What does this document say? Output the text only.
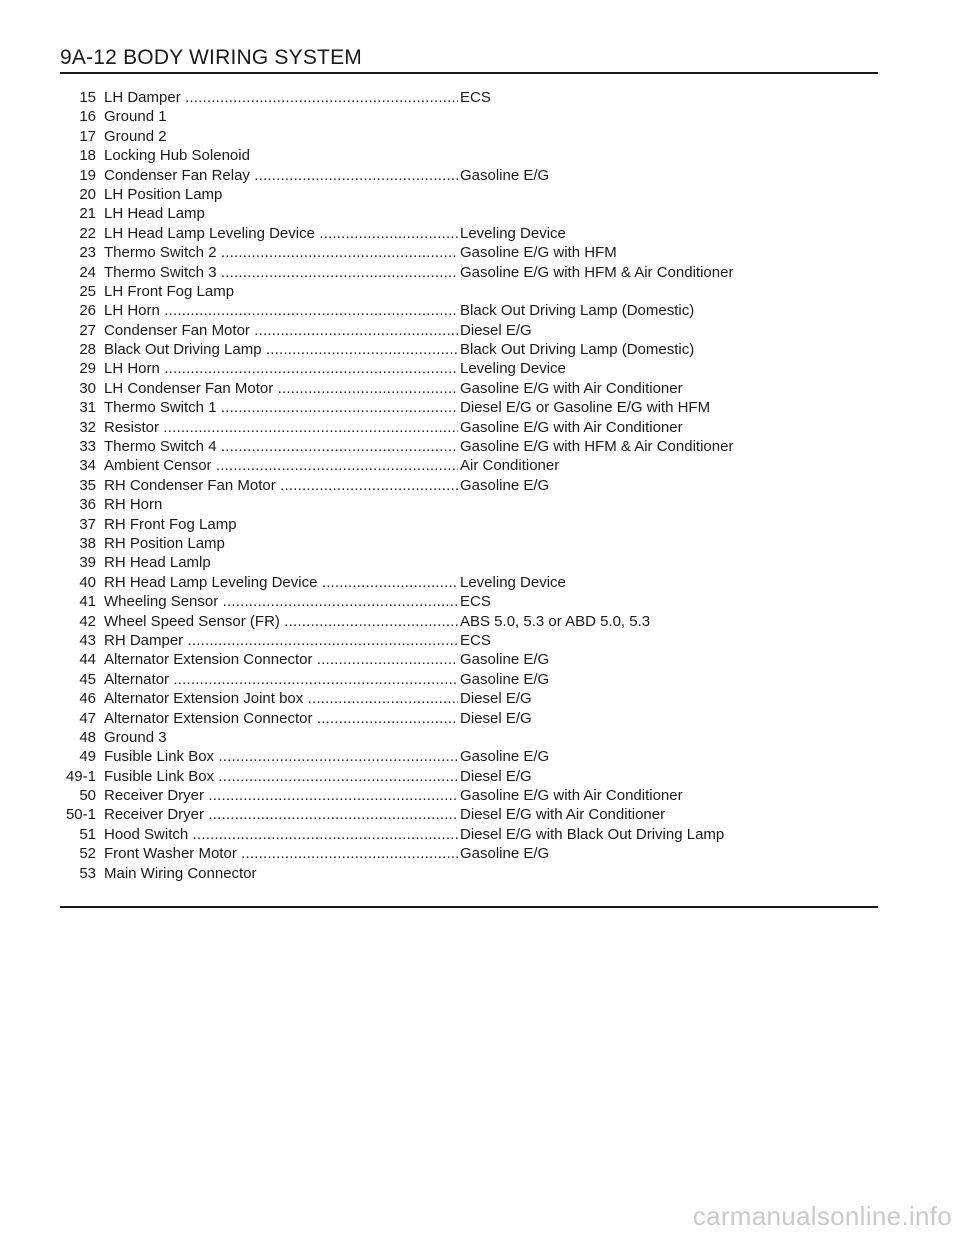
9A-12 BODY WIRING SYSTEM
15 LH Damper .....	ECS
16 Ground 1
17 Ground 2
18 Locking Hub Solenoid
19 Condenser Fan Relay .....	Gasoline E/G
20 LH Position Lamp
21 LH Head Lamp
22 LH Head Lamp Leveling Device .....	Leveling Device
23 Thermo Switch 2 .....	Gasoline E/G with HFM
24 Thermo Switch 3 .....	Gasoline E/G with HFM & Air Conditioner
25 LH Front Fog Lamp
26 LH Horn .....	Black Out Driving Lamp (Domestic)
27 Condenser Fan Motor .....	Diesel E/G
28 Black Out Driving Lamp .....	Black Out Driving Lamp (Domestic)
29 LH Horn .....	Leveling Device
30 LH Condenser Fan Motor .....	Gasoline E/G with Air Conditioner
31 Thermo Switch 1 .....	Diesel E/G or Gasoline E/G with HFM
32 Resistor .....	Gasoline E/G with Air Conditioner
33 Thermo Switch 4 .....	Gasoline E/G with HFM & Air Conditioner
34 Ambient Censor .....	Air Conditioner
35 RH Condenser Fan Motor .....	Gasoline E/G
36 RH Horn
37 RH Front Fog Lamp
38 RH Position Lamp
39 RH Head Lamlp
40 RH Head Lamp Leveling Device .....	Leveling Device
41 Wheeling Sensor .....	ECS
42 Wheel Speed Sensor (FR) .....	ABS 5.0, 5.3 or ABD 5.0, 5.3
43 RH Damper .....	ECS
44 Alternator Extension Connector .....	Gasoline E/G
45 Alternator .....	Gasoline E/G
46 Alternator Extension Joint box .....	Diesel E/G
47 Alternator Extension Connector .....	Diesel E/G
48 Ground 3
49 Fusible Link Box .....	Gasoline E/G
49-1 Fusible Link Box .....	Diesel E/G
50 Receiver Dryer .....	Gasoline E/G with Air Conditioner
50-1 Receiver Dryer .....	Diesel E/G with Air Conditioner
51 Hood Switch .....	Diesel E/G with Black Out Driving Lamp
52 Front Washer Motor .....	Gasoline E/G
53 Main Wiring Connector
carmanualsonline.info
